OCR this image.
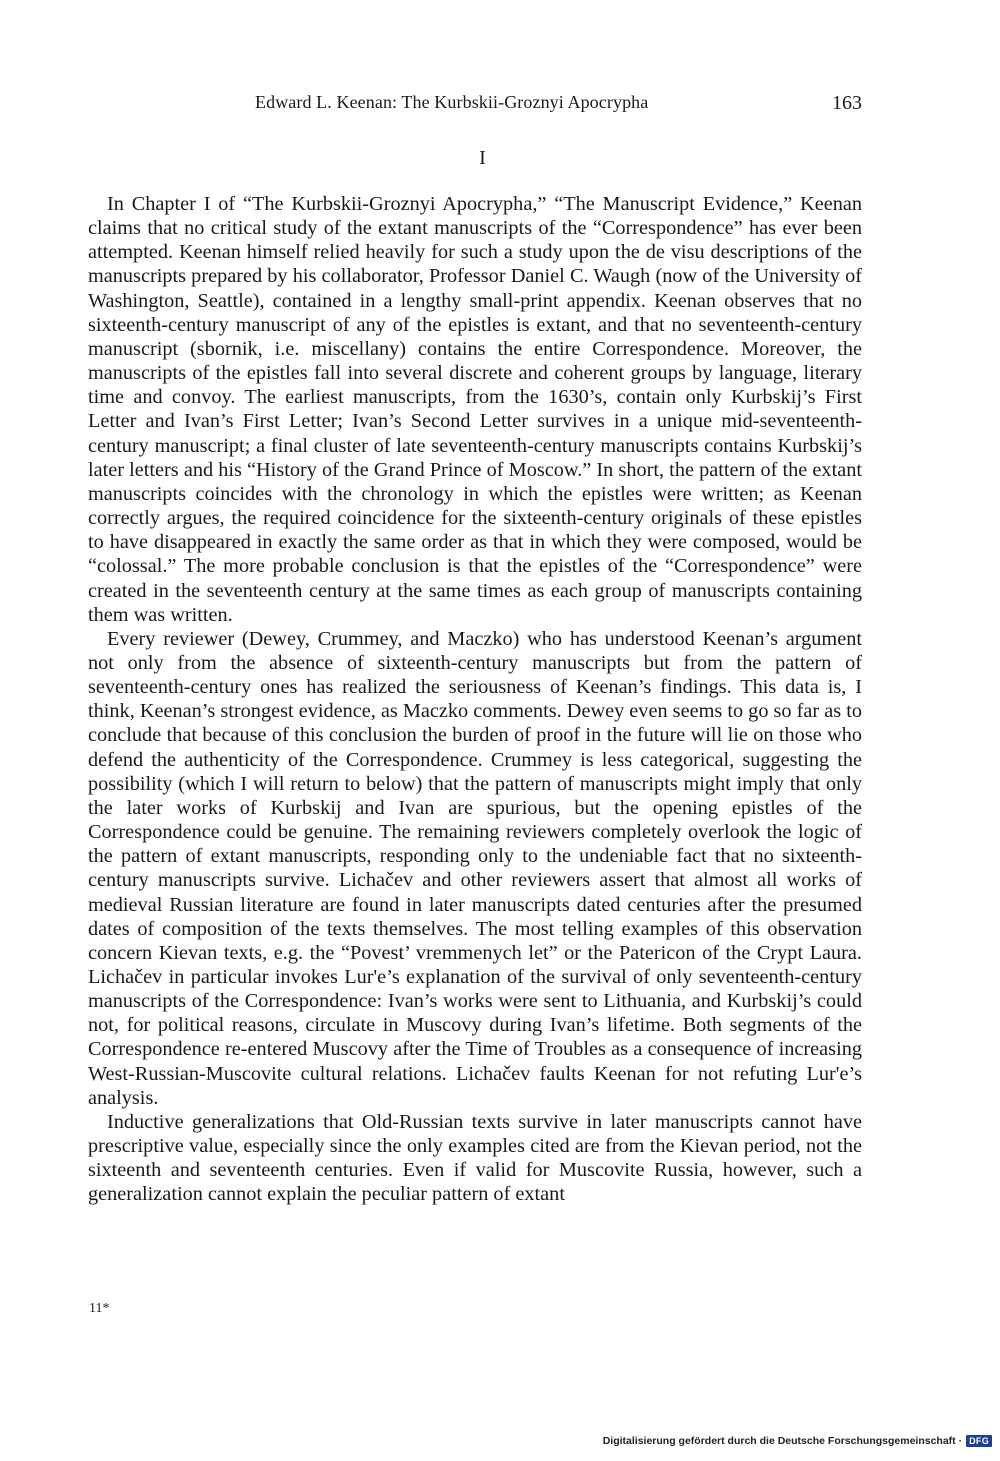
Edward L. Keenan: The Kurbskii-Groznyi Apocrypha	163
I

In Chapter I of “The Kurbskii-Groznyi Apocrypha,” “The Manuscript Evidence,” Keenan claims that no critical study of the extant manuscripts of the “Correspondence” has ever been attempted. Keenan himself relied heavily for such a study upon the de visu descriptions of the manuscripts prepared by his collaborator, Professor Daniel C. Waugh (now of the University of Washington, Seattle), contained in a lengthy small-print appendix. Keenan observes that no sixteenth-century manuscript of any of the epistles is extant, and that no seventeenth-century manuscript (sbornik, i.e. miscellany) contains the entire Correspondence. Moreover, the manuscripts of the epistles fall into several discrete and coherent groups by language, literary time and convoy. The earliest manuscripts, from the 1630’s, contain only Kurbskij’s First Letter and Ivan’s First Letter; Ivan’s Second Letter survives in a unique mid-seventeenth-century manuscript; a final cluster of late seventeenth-century manuscripts contains Kurbskij’s later letters and his “History of the Grand Prince of Moscow.” In short, the pattern of the extant manuscripts coincides with the chronology in which the epistles were written; as Keenan correctly argues, the required coincidence for the sixteenth-century originals of these epistles to have disappeared in exactly the same order as that in which they were composed, would be “colossal.” The more probable conclusion is that the epistles of the “Correspondence” were created in the seventeenth century at the same times as each group of manuscripts containing them was written.

Every reviewer (Dewey, Crummey, and Maczko) who has understood Keenan’s argument not only from the absence of sixteenth-century manuscripts but from the pattern of seventeenth-century ones has realized the seriousness of Keenan’s findings. This data is, I think, Keenan’s strongest evidence, as Maczko comments. Dewey even seems to go so far as to conclude that because of this conclusion the burden of proof in the future will lie on those who defend the authenticity of the Correspondence. Crummey is less categorical, suggesting the possibility (which I will return to below) that the pattern of manuscripts might imply that only the later works of Kurbskij and Ivan are spurious, but the opening epistles of the Correspondence could be genuine. The remaining reviewers completely overlook the logic of the pattern of extant manuscripts, responding only to the undeniable fact that no sixteenth-century manuscripts survive. Lichačev and other reviewers assert that almost all works of medieval Russian literature are found in later manuscripts dated centuries after the presumed dates of composition of the texts themselves. The most telling examples of this observation concern Kievan texts, e.g. the “Povest’ vremmenych let” or the Patericon of the Crypt Laura. Lichačev in particular invokes Lur'e’s explanation of the survival of only seventeenth-century manuscripts of the Correspondence: Ivan’s works were sent to Lithuania, and Kurbskij’s could not, for political reasons, circulate in Muscovy during Ivan’s lifetime. Both segments of the Correspondence re-entered Muscovy after the Time of Troubles as a consequence of increasing West-Russian-Muscovite cultural relations. Lichačev faults Keenan for not refuting Lur'e’s analysis.

Inductive generalizations that Old-Russian texts survive in later manuscripts cannot have prescriptive value, especially since the only examples cited are from the Kievan period, not the sixteenth and seventeenth centuries. Even if valid for Muscovite Russia, however, such a generalization cannot explain the peculiar pattern of extant

11*
Digitalisierung gefördert durch die Deutsche Forschungsgemeinschaft · DFG
